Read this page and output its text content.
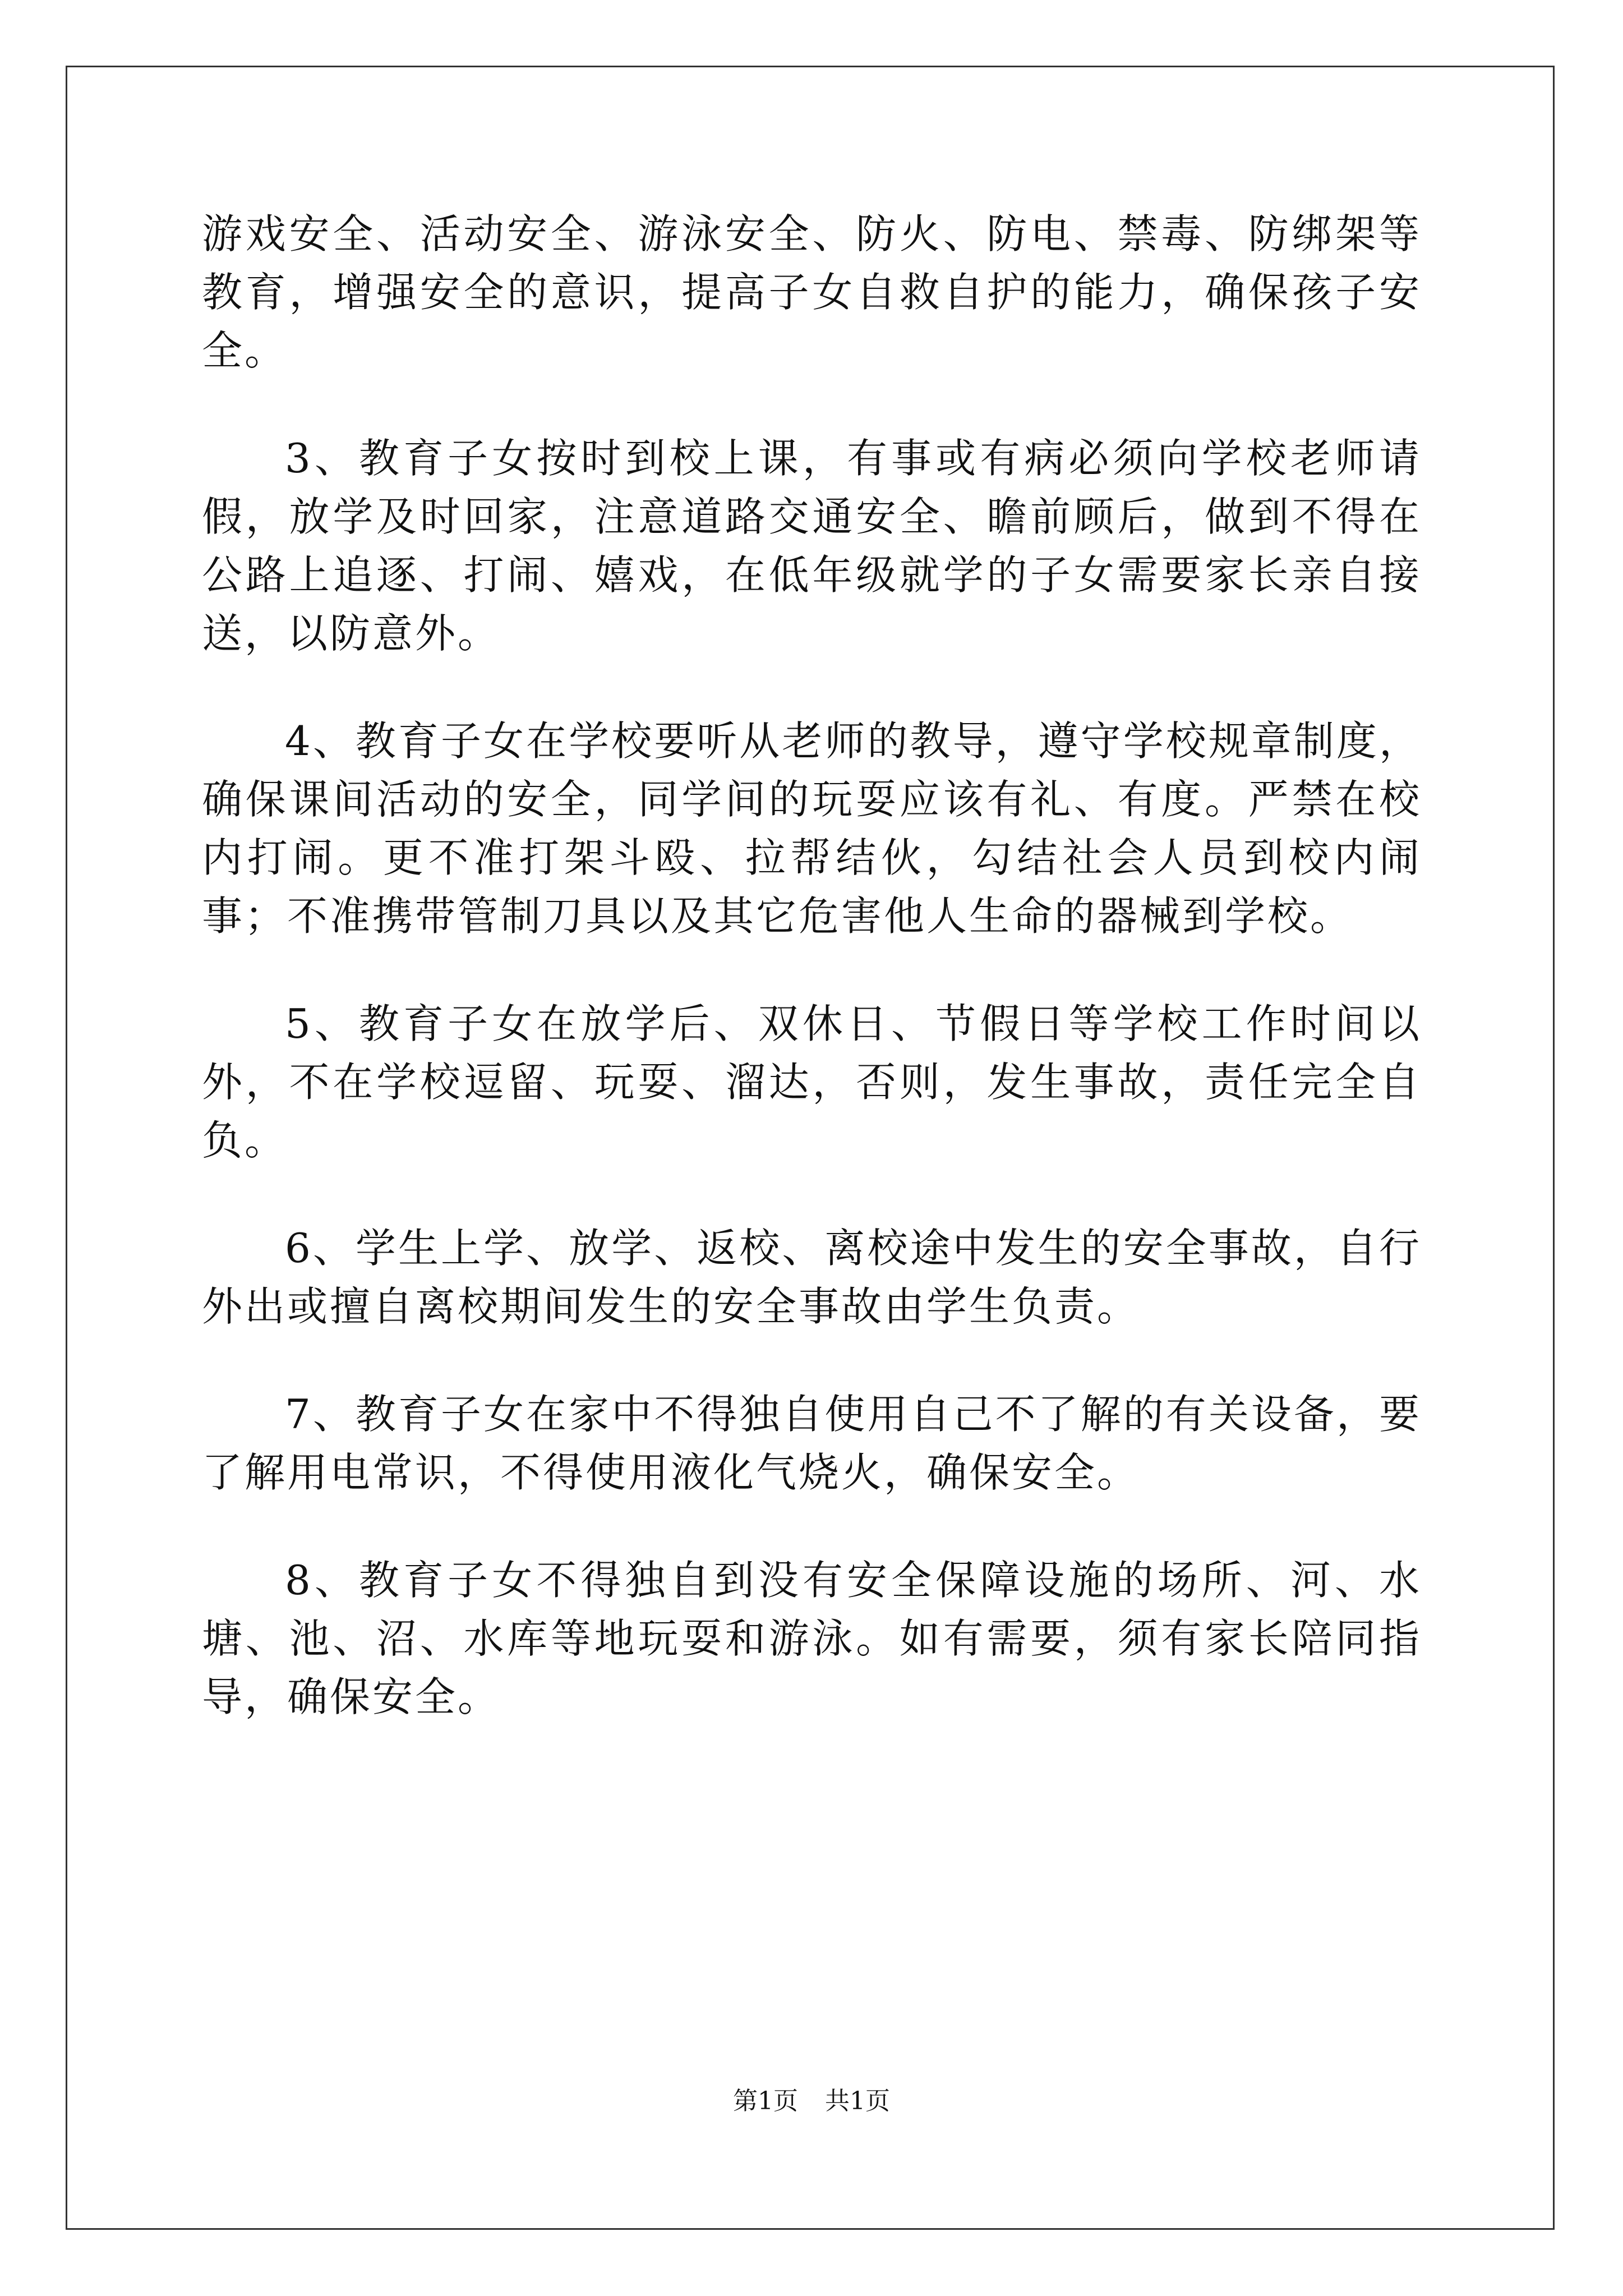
游戏安全、活动安全、游泳安全、防火、防电、禁毒、防绑架等教育，增强安全的意识，提高子女自救自护的能力，确保孩子安全。

3、教育子女按时到校上课，有事或有病必须向学校老师请假，放学及时回家，注意道路交通安全、瞻前顾后，做到不得在公路上追逐、打闹、嬉戏，在低年级就学的子女需要家长亲自接送，以防意外。

4、教育子女在学校要听从老师的教导，遵守学校规章制度，确保课间活动的安全，同学间的玩耍应该有礼、有度。严禁在校内打闹。更不准打架斗殴、拉帮结伙，勾结社会人员到校内闹事；不准携带管制刀具以及其它危害他人生命的器械到学校。

5、教育子女在放学后、双休日、节假日等学校工作时间以外，不在学校逗留、玩耍、溜达，否则，发生事故，责任完全自负。

6、学生上学、放学、返校、离校途中发生的安全事故，自行外出或擅自离校期间发生的安全事故由学生负责。

7、教育子女在家中不得独自使用自己不了解的有关设备，要了解用电常识，不得使用液化气烧火，确保安全。

8、教育子女不得独自到没有安全保障设施的场所、河、水塘、池、沼、水库等地玩耍和游泳。如有需要，须有家长陪同指导，确保安全。

第1页 共1页
